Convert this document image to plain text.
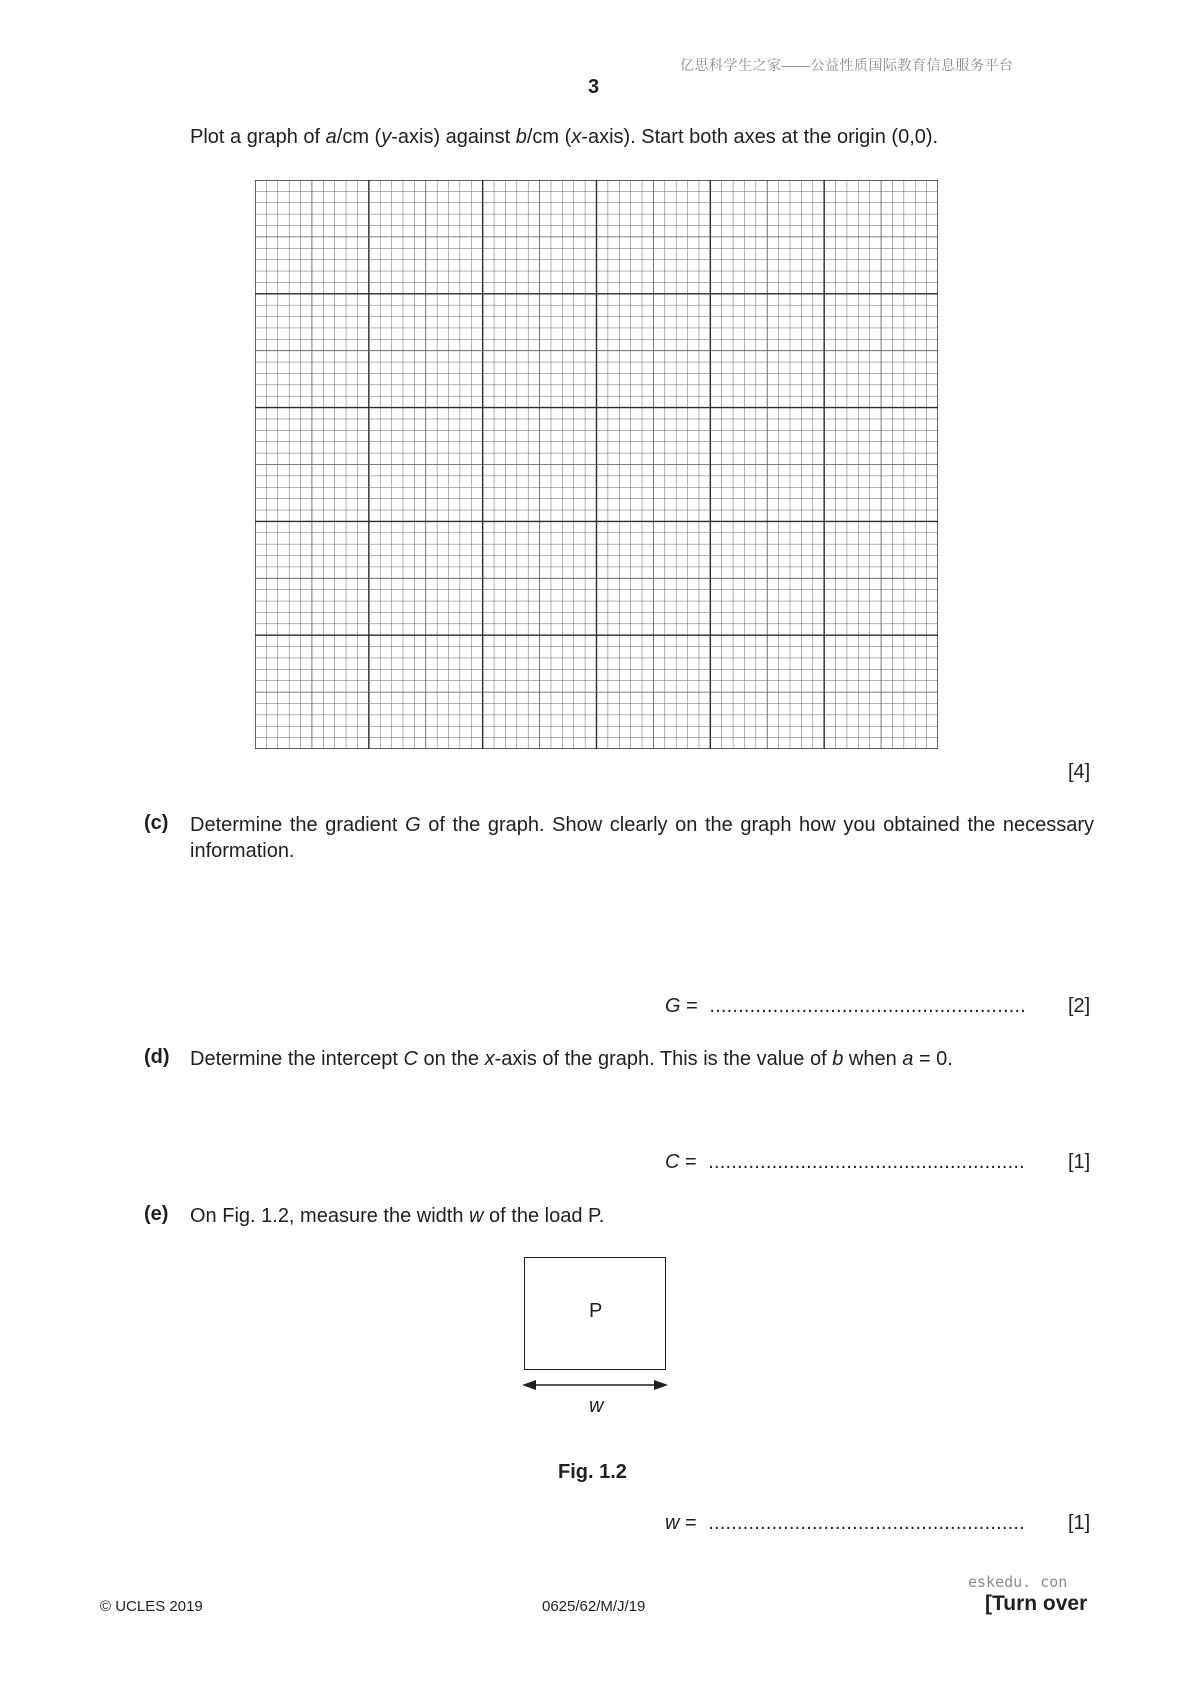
亿思科学生之家——公益性质国际教育信息服务平台
3
Plot a graph of a/cm (y-axis) against b/cm (x-axis). Start both axes at the origin (0,0).
[4]
(c) Determine the gradient G of the graph. Show clearly on the graph how you obtained the necessary information.
G = ....................................................... [2]
(d) Determine the intercept C on the x-axis of the graph. This is the value of b when a = 0.
C = ....................................................... [1]
(e) On Fig. 1.2, measure the width w of the load P.
P
w
Fig. 1.2
w = ....................................................... [1]
eskedu. con
© UCLES 2019	0625/62/M/J/19	[Turn over
